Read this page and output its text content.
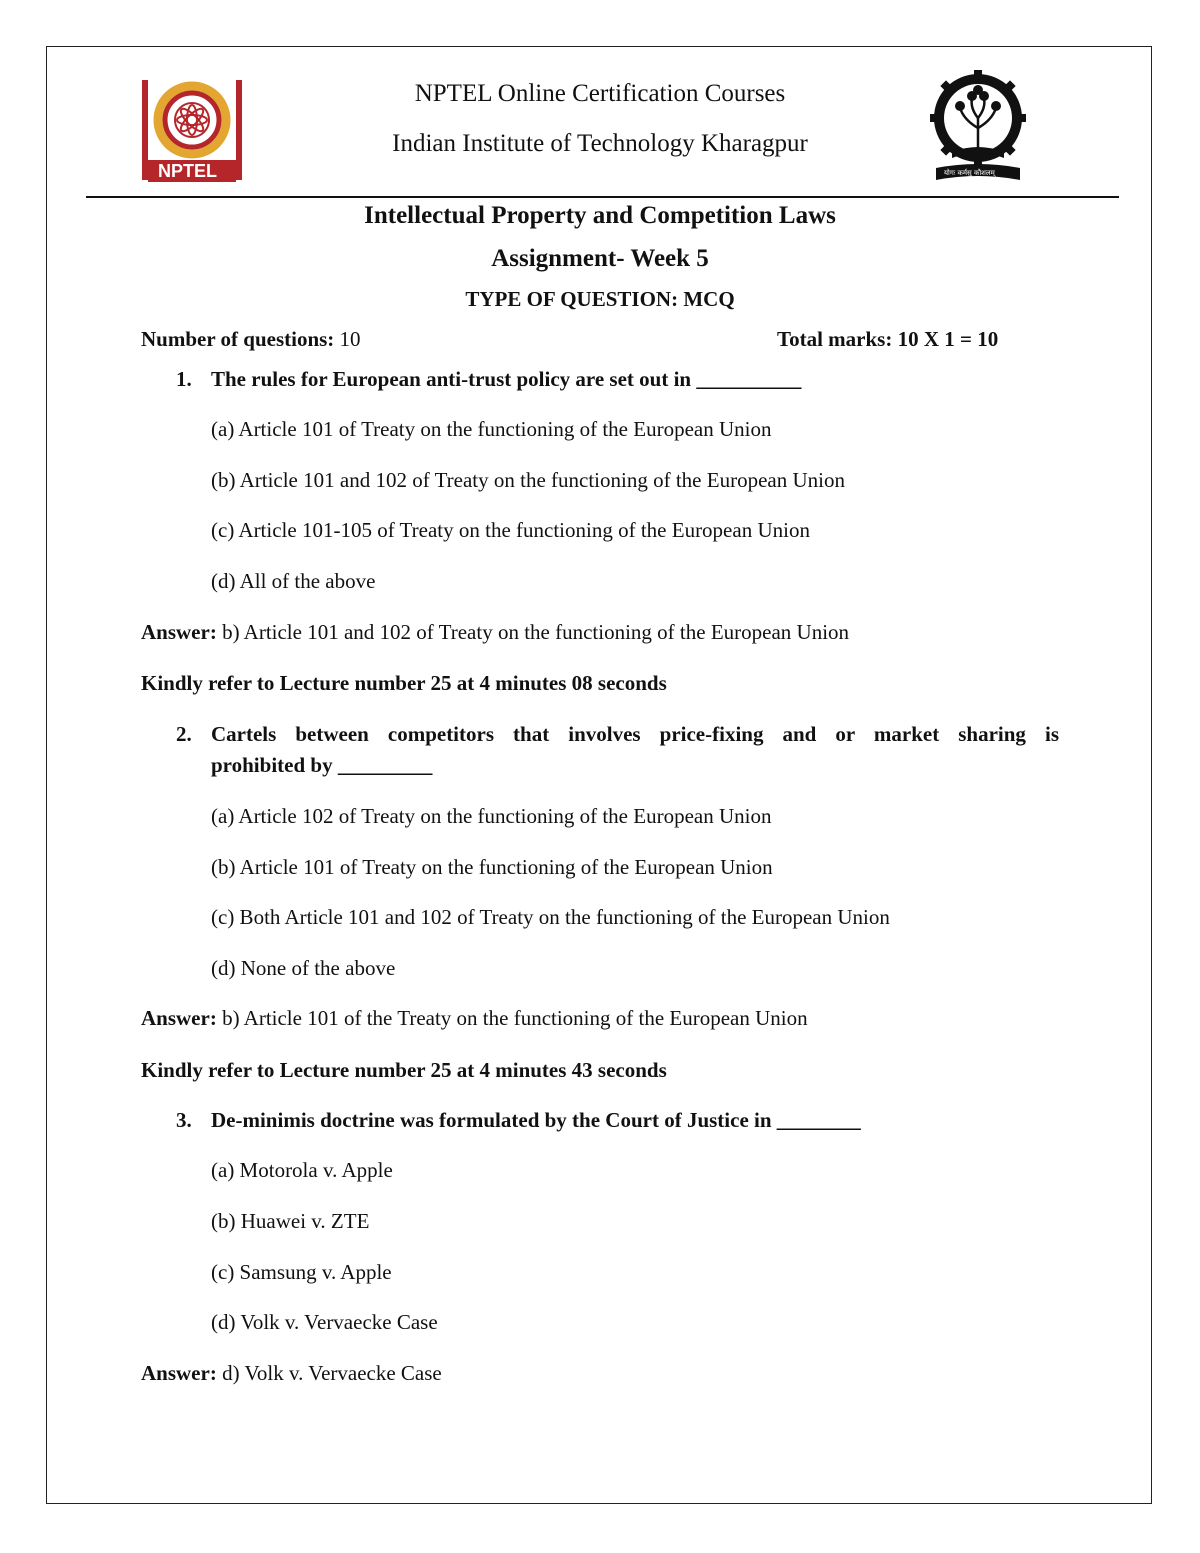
NPTEL	योगः कर्मसु कौशलम्
NPTEL Online Certification Courses
Indian Institute of Technology Kharagpur
Intellectual Property and Competition Laws
Assignment- Week 5
TYPE OF QUESTION: MCQ
Number of questions: 10	Total marks: 10 X 1 = 10
1. The rules for European anti-trust policy are set out in __________
(a) Article 101 of Treaty on the functioning of the European Union
(b) Article 101 and 102 of Treaty on the functioning of the European Union
(c) Article 101-105 of Treaty on the functioning of the European Union
(d) All of the above
Answer: b) Article 101 and 102 of Treaty on the functioning of the European Union
Kindly refer to Lecture number 25 at 4 minutes 08 seconds
2. Cartels between competitors that involves price-fixing and or market sharing is
prohibited by _________
(a) Article 102 of Treaty on the functioning of the European Union
(b) Article 101 of Treaty on the functioning of the European Union
(c) Both Article 101 and 102 of Treaty on the functioning of the European Union
(d) None of the above
Answer: b) Article 101 of the Treaty on the functioning of the European Union
Kindly refer to Lecture number 25 at 4 minutes 43 seconds
3. De-minimis doctrine was formulated by the Court of Justice in ________
(a) Motorola v. Apple
(b) Huawei v. ZTE
(c) Samsung v. Apple
(d) Volk v. Vervaecke Case
Answer: d) Volk v. Vervaecke Case
